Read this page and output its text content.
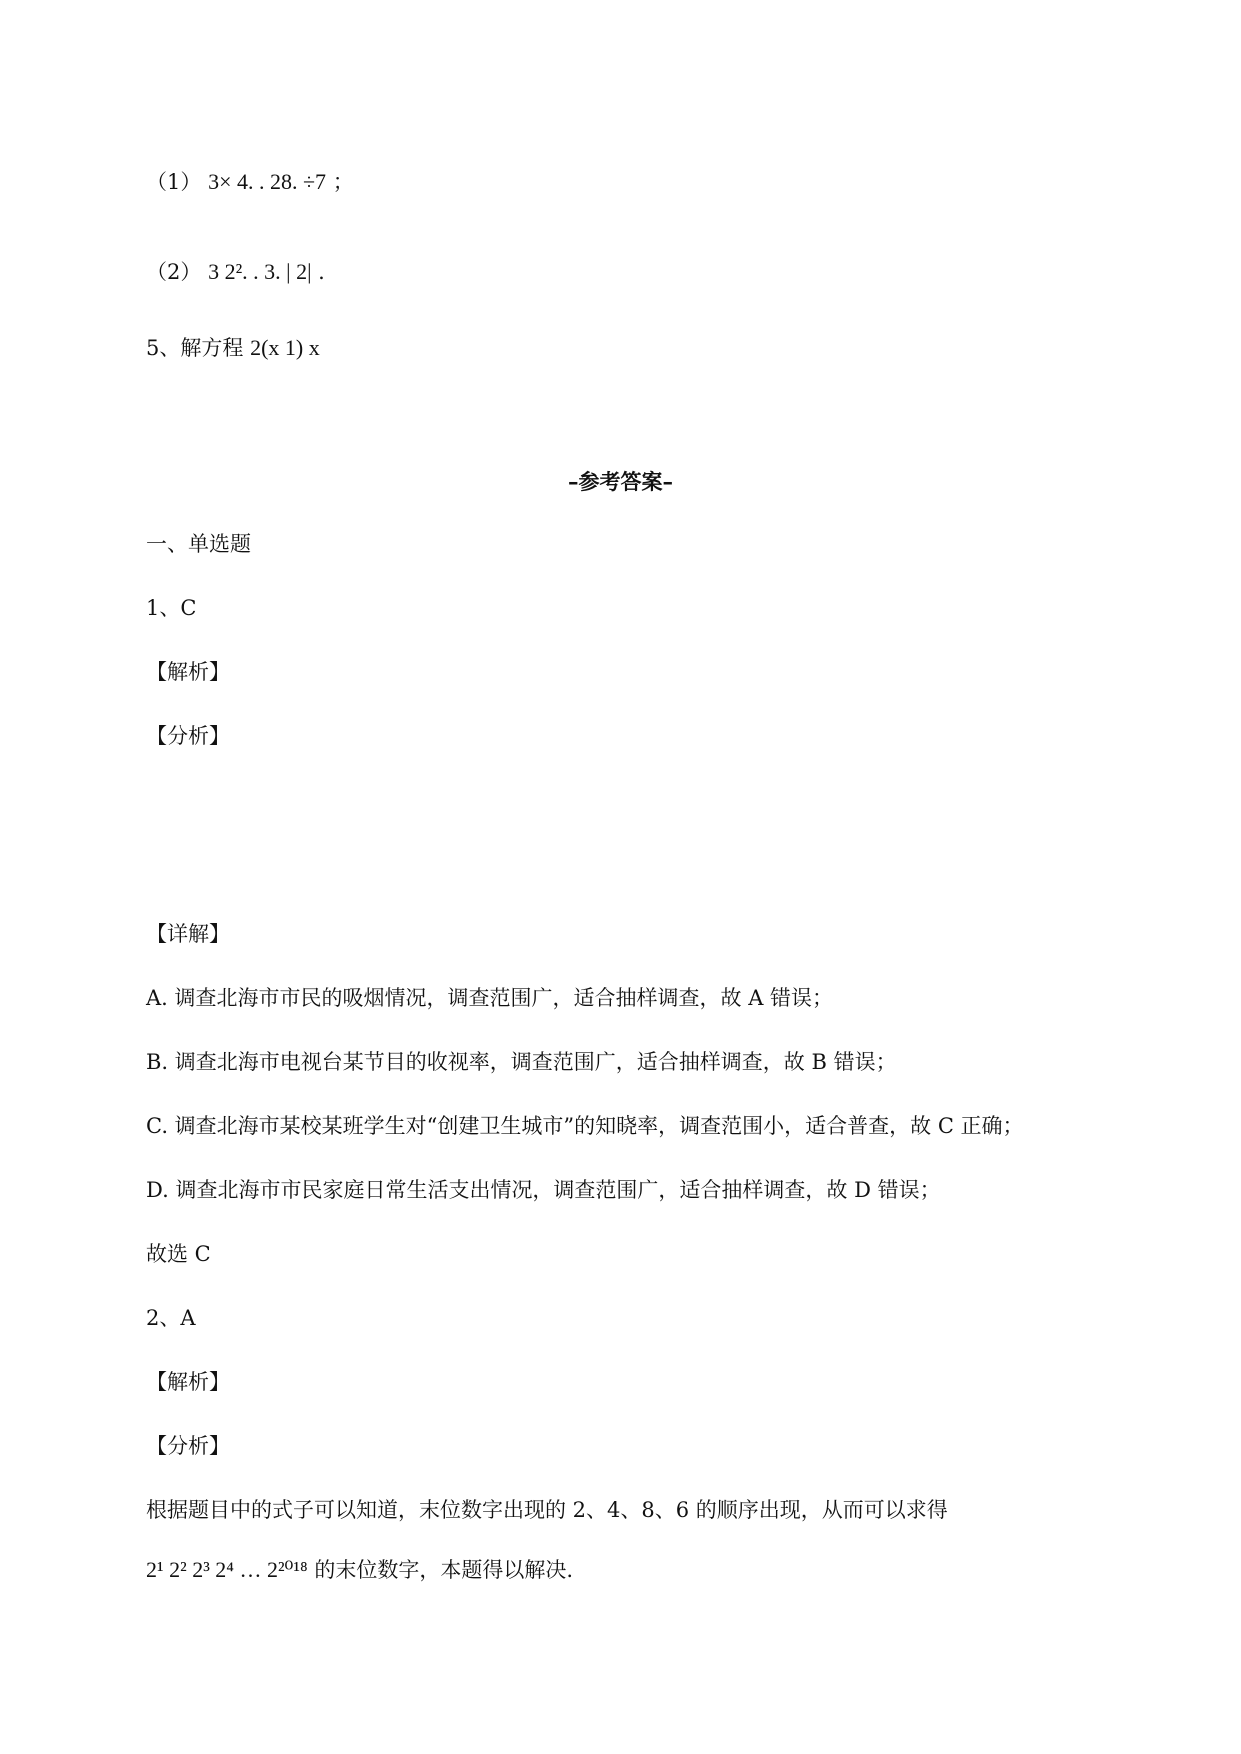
（1） 3× 4. . 28. ÷7 ；
（2） 3 2². . 3. | 2| .
5、解方程 2(x 1) x
–参考答案–
一、单选题
1、C
【解析】
【分析】
【详解】
A. 调查北海市市民的吸烟情况，调查范围广，适合抽样调查，故 A 错误；
B. 调查北海市电视台某节目的收视率，调查范围广，适合抽样调查，故 B 错误；
C. 调查北海市某校某班学生对“创建卫生城市”的知晓率，调查范围小，适合普查，故 C 正确；
D. 调查北海市市民家庭日常生活支出情况，调查范围广，适合抽样调查，故 D 错误；
故选 C
2、A
【解析】
【分析】
根据题目中的式子可以知道，末位数字出现的 2、4、8、6 的顺序出现，从而可以求得
2¹ 2² 2³ 2⁴ … 2²⁰¹⁸ 的末位数字，本题得以解决.
